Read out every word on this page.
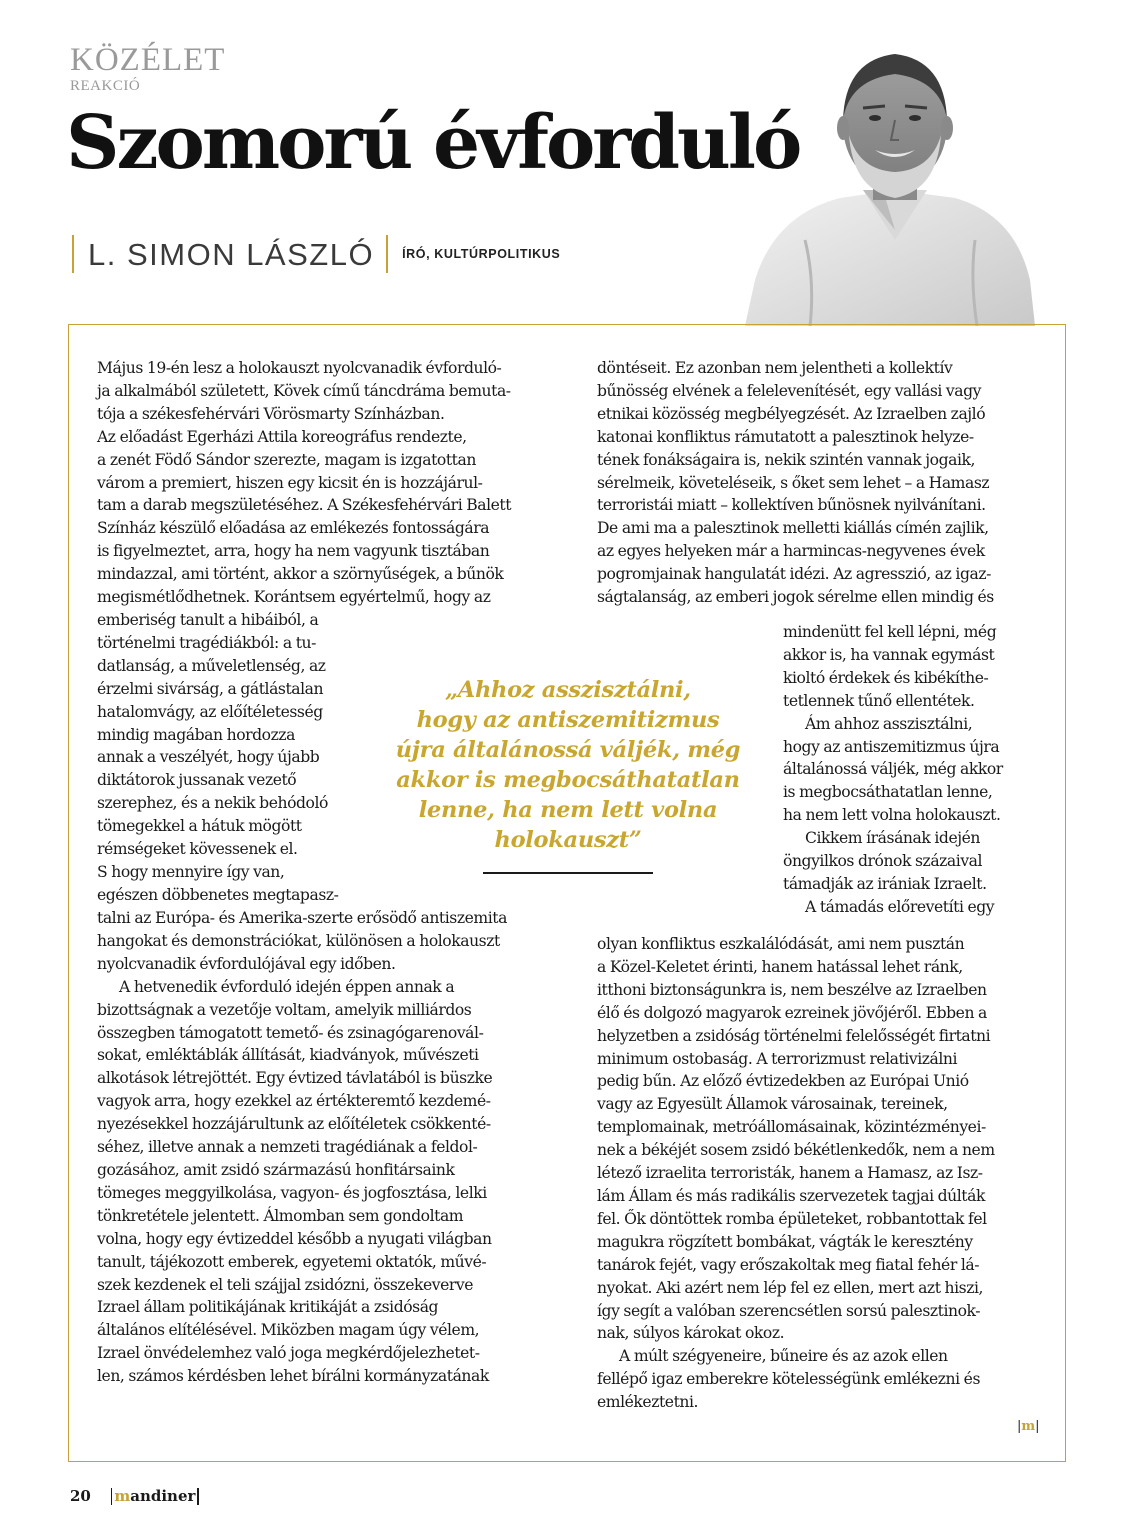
KÖZÉLET
REAKCIÓ
Szomorú évforduló
L. SIMON LÁSZLÓ ÍRÓ, KULTÚRPOLITIKUS
Május 19-én lesz a holokauszt nyolcvanadik évforduló-
ja alkalmából született, Kövek című táncdráma bemuta-
tója a székesfehérvári Vörösmarty Színházban.
Az előadást Egerházi Attila koreográfus rendezte,
a zenét Födő Sándor szerezte, magam is izgatottan
várom a premiert, hiszen egy kicsit én is hozzájárul-
tam a darab megszületéséhez. A Székesfehérvári Balett
Színház készülő előadása az emlékezés fontosságára
is figyelmeztet, arra, hogy ha nem vagyunk tisztában
mindazzal, ami történt, akkor a szörnyűségek, a bűnök
megismétlődhetnek. Korántsem egyértelmű, hogy az
emberiség tanult a hibáiból, a
történelmi tragédiákból: a tu-
datlanság, a műveletlenség, az
érzelmi sivárság, a gátlástalan
hatalomvágy, az előítéletesség
mindig magában hordozza
annak a veszélyét, hogy újabb
diktátorok jussanak vezető
szerephez, és a nekik behódoló
tömegekkel a hátuk mögött
rémségeket kövessenek el.
S hogy mennyire így van,
egészen döbbenetes megtapasz-
talni az Európa- és Amerika-szerte erősödő antiszemita
hangokat és demonstrációkat, különösen a holokauszt
nyolcvanadik évfordulójával egy időben.
A hetvenedik évforduló idején éppen annak a
bizottságnak a vezetője voltam, amelyik milliárdos
összegben támogatott temető- és zsinagógarenovál-
sokat, emléktáblák állítását, kiadványok, művészeti
alkotások létrejöttét. Egy évtized távlatából is büszke
vagyok arra, hogy ezekkel az értékteremtő kezdemé-
nyezésekkel hozzájárultunk az előítéletek csökkenté-
séhez, illetve annak a nemzeti tragédiának a feldol-
gozásához, amit zsidó származású honfitársaink
tömeges meggyilkolása, vagyon- és jogfosztása, lelki
tönkretétele jelentett. Álmomban sem gondoltam
volna, hogy egy évtizeddel később a nyugati világban
tanult, tájékozott emberek, egyetemi oktatók, művé-
szek kezdenek el teli szájjal zsidózni, összekeverve
Izrael állam politikájának kritikáját a zsidóság
általános elítélésével. Miközben magam úgy vélem,
Izrael önvédelemhez való joga megkérdőjelezhetet-
len, számos kérdésben lehet bírálni kormányzatának
döntéseit. Ez azonban nem jelentheti a kollektív
bűnösség elvének a felelevenítését, egy vallási vagy
etnikai közösség megbélyegzését. Az Izraelben zajló
katonai konfliktus rámutatott a palesztinok helyze-
tének fonákságaira is, nekik szintén vannak jogaik,
sérelmeik, követeléseik, s őket sem lehet – a Hamasz
terroristái miatt – kollektíven bűnösnek nyilvánítani.
De ami ma a palesztinok melletti kiállás címén zajlik,
az egyes helyeken már a harmincas-negyvenes évek
pogromjainak hangulatát idézi. Az agresszió, az igaz-
ságtalanság, az emberi jogok sérelme ellen mindig és
mindenütt fel kell lépni, még
akkor is, ha vannak egymást
kioltó érdekek és kibékíthe-
tetlennek tűnő ellentétek.
Ám ahhoz asszisztálni,
hogy az antiszemitizmus újra
általánossá váljék, még akkor
is megbocsáthatatlan lenne,
ha nem lett volna holokauszt.
Cikkem írásának idején
öngyilkos drónok százaival
támadják az irániak Izraelt.
A támadás előrevetíti egy
olyan konfliktus eszkalálódását, ami nem pusztán
a Közel-Keletet érinti, hanem hatással lehet ránk,
itthoni biztonságunkra is, nem beszélve az Izraelben
élő és dolgozó magyarok ezreinek jövőjéről. Ebben a
helyzetben a zsidóság történelmi felelősségét firtatni
minimum ostobaság. A terrorizmust relativizálni
pedig bűn. Az előző évtizedekben az Európai Unió
vagy az Egyesült Államok városainak, tereinek,
templomainak, metróállomásainak, közintézményei-
nek a békéjét sosem zsidó békétlenkedők, nem a nem
létező izraelita terroristák, hanem a Hamasz, az Isz-
lám Állam és más radikális szervezetek tagjai dúlták
fel. Ők döntöttek romba épületeket, robbantottak fel
magukra rögzített bombákat, vágták le keresztény
tanárok fejét, vagy erőszakoltak meg fiatal fehér lá-
nyokat. Aki azért nem lép fel ez ellen, mert azt hiszi,
így segít a valóban szerencsétlen sorsú palesztinok-
nak, súlyos károkat okoz.
A múlt szégyeneire, bűneire és az azok ellen
fellépő igaz emberekre kötelességünk emlékezni és
emlékeztetni.
„Ahhoz asszisztálni,
hogy az antiszemitizmus
újra általánossá váljék, még
akkor is megbocsáthatatlan
lenne, ha nem lett volna
holokauszt”
|m|
20 m andiner
